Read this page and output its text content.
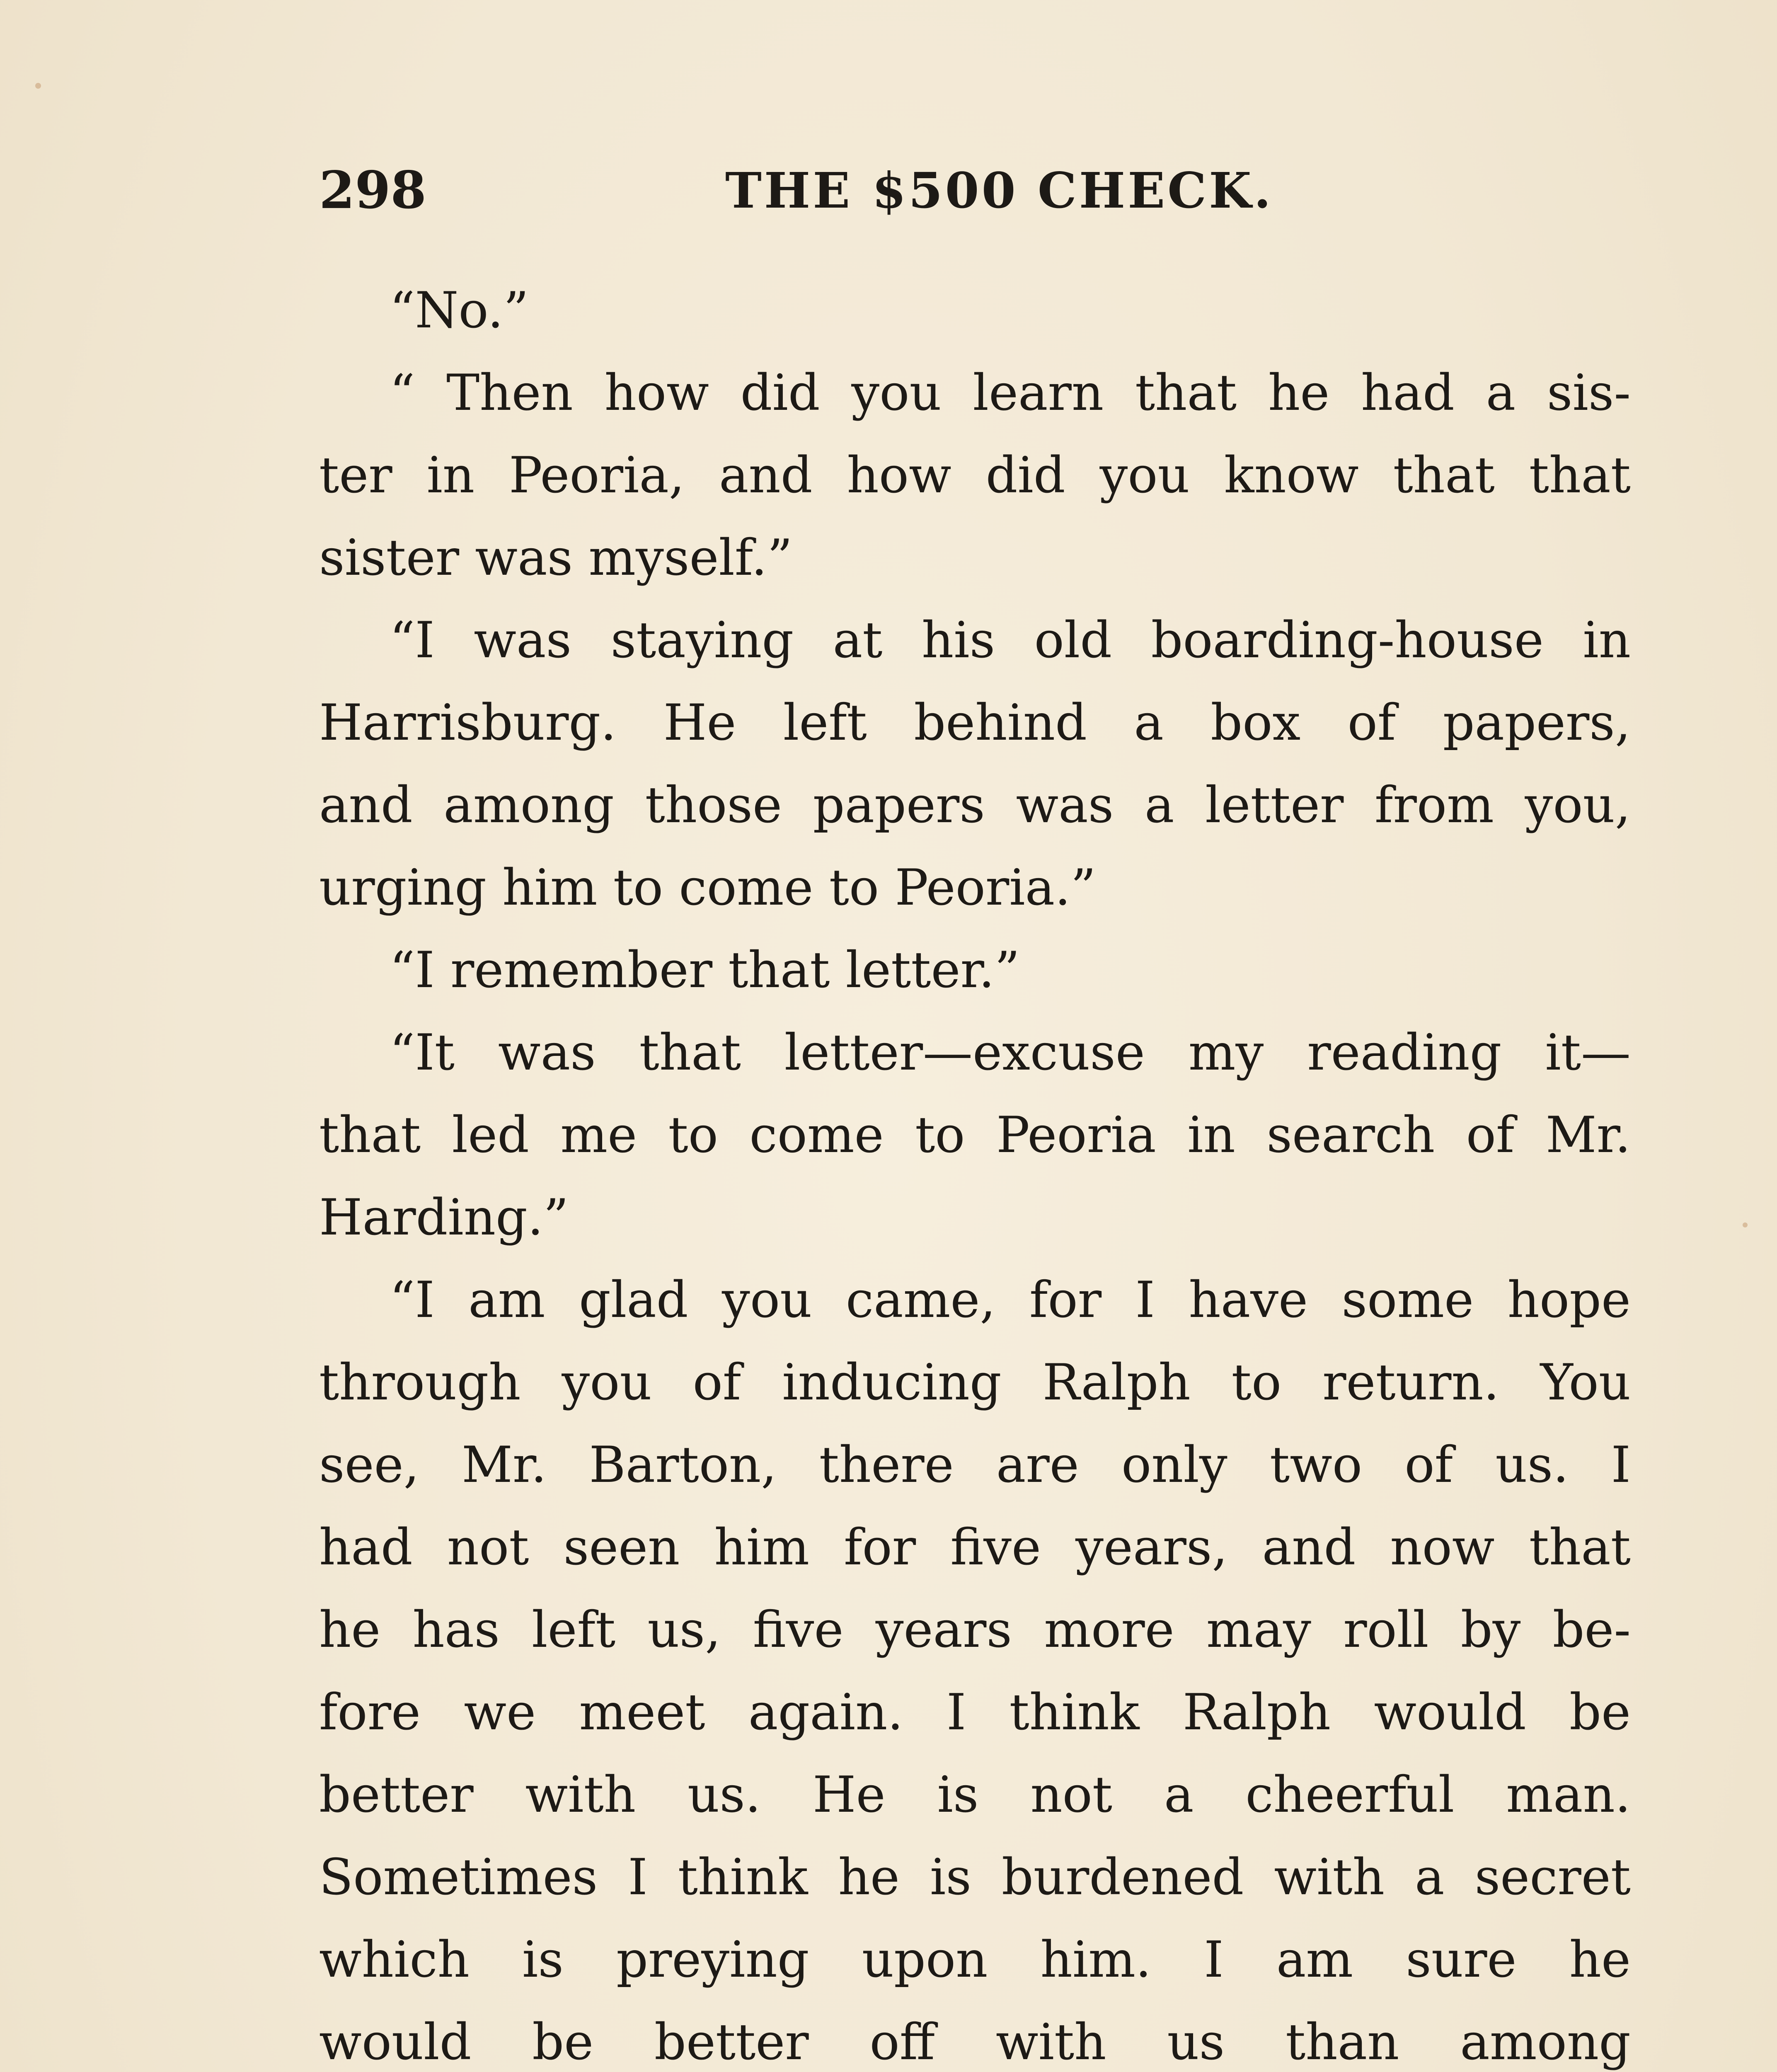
298	THE $500 CHECK.
“No.”
“ Then how did you learn that he had a sis-
ter in Peoria, and how did you know that that
sister was myself.”
“I was staying at his old boarding-house in
Harrisburg. He left behind a box of papers,
and among those papers was a letter from you,
urging him to come to Peoria.”
“I remember that letter.”
“It was that letter—excuse my reading it—
that led me to come to Peoria in search of Mr.
Harding.”
“I am glad you came, for I have some hope
through you of inducing Ralph to return. You
see, Mr. Barton, there are only two of us. I
had not seen him for five years, and now that
he has left us, five years more may roll by be-
fore we meet again. I think Ralph would be
better with us. He is not a cheerful man.
Sometimes I think he is burdened with a secret
which is preying upon him. I am sure he
would be better off with us than among
